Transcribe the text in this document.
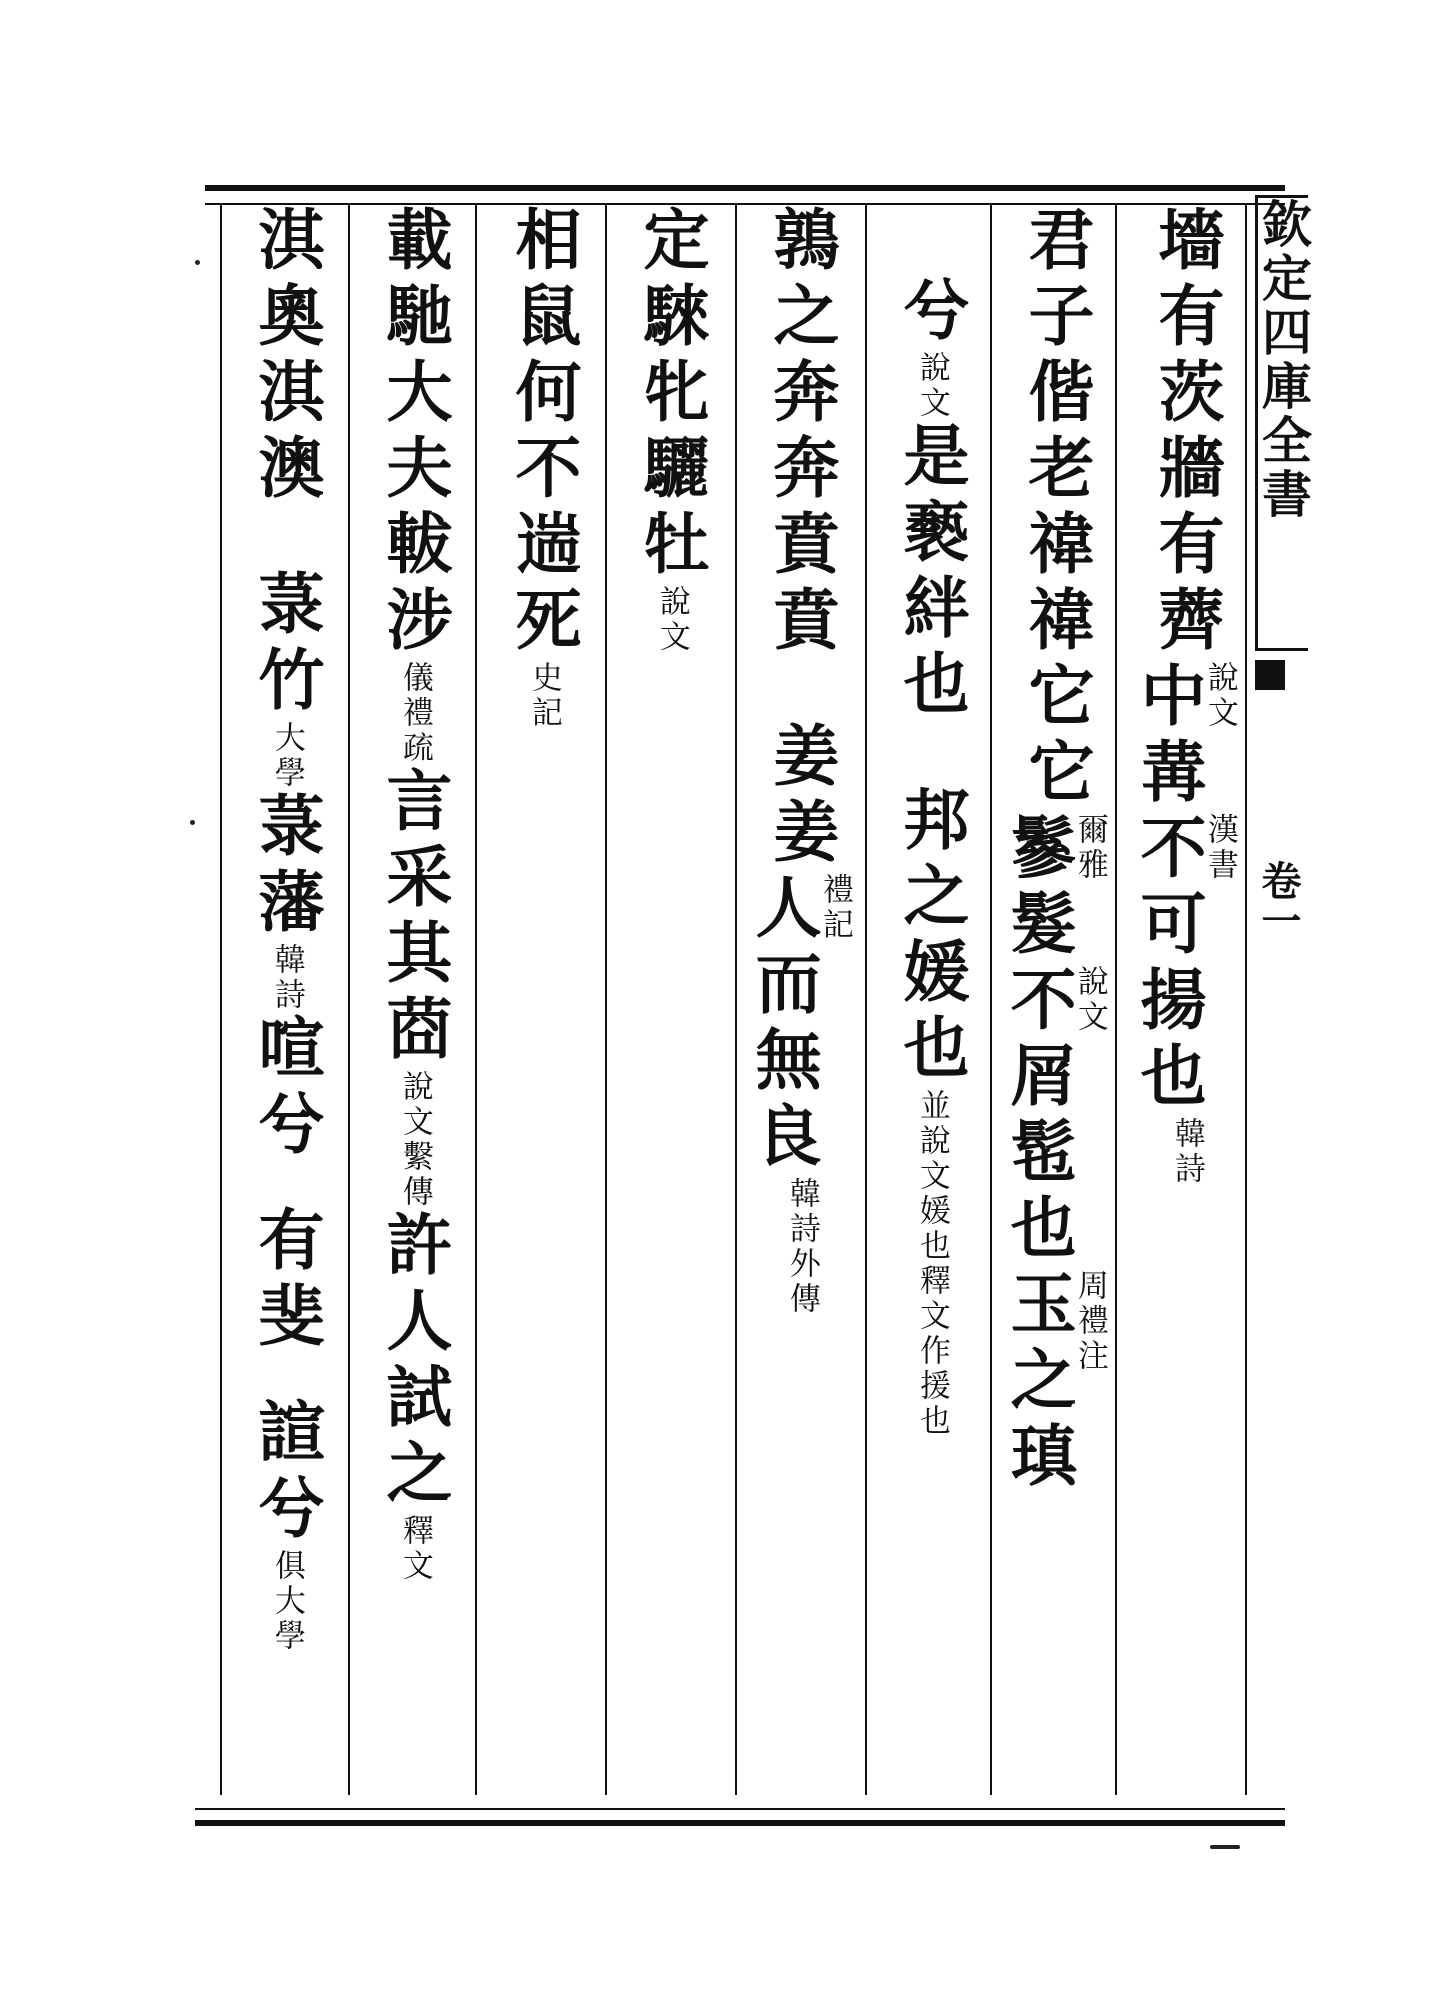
欽定四庫全書
卷一
墻有茨牆有薺
說文
中冓
漢書
不可揚也
韓詩
君子偕老禕禕它它
爾雅
鬖髮
說文
不屑髢也
周禮注
玉之瑱
兮
說文
是褻絆也
邦之媛也
並說文媛也釋文作援也
鶉之奔奔賁賁
姜姜
禮記
人而無良
韓詩外傳
定騋牝驪牡
說文
相鼠何不遄死
史記
載馳大夫軷涉
儀禮疏
言采其莔
說文繫傳
許人試之
釋文
淇奧淇澳
菉竹
大學
菉藩
韓詩
喧兮
有斐
諠兮
俱大學
